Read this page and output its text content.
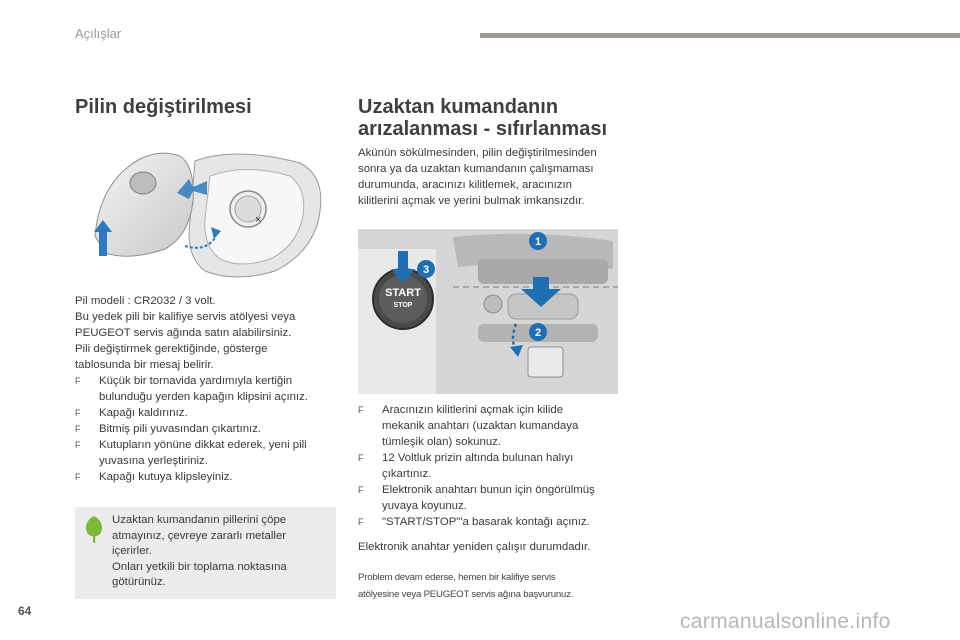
Açılışlar
Pilin değiştirilmesi
×
Pil modeli : CR2032 / 3 volt.
Bu yedek pili bir kalifiye servis atölyesi veya
PEUGEOT servis ağında satın alabilirsiniz.
Pili değiştirmek gerektiğinde, gösterge
tablosunda bir mesaj belirir.
F Küçük bir tornavida yardımıyla kertiğin
bulunduğu yerden kapağın klipsini açınız.
F Kapağı kaldırınız.
F Bitmiş pili yuvasından çıkartınız.
F Kutupların yönüne dikkat ederek, yeni pili
yuvasına yerleştiriniz.
F Kapağı kutuya klipsleyiniz.
Uzaktan kumandanın pillerini çöpe
atmayınız, çevreye zararlı metaller
içerirler.
Onları yetkili bir toplama noktasına
götürünüz.
Uzaktan kumandanın
arızalanması - sıfırlanması
Akünün sökülmesinden, pilin değiştirilmesinden
sonra ya da uzaktan kumandanın çalışmaması
durumunda, aracınızı kilitlemek, aracınızın
kilitlerini açmak ve yerini bulmak imkansızdır.
START
STOP
1
2
3
F Aracınızın kilitlerini açmak için kilide
mekanik anahtarı (uzaktan kumandaya
tümleşik olan) sokunuz.
F 12 Voltluk prizin altında bulunan halıyı
çıkartınız.
F Elektronik anahtarı bunun için öngörülmüş
yuvaya koyunuz.
F "START/STOP"'a basarak kontağı açınız.
Elektronik anahtar yeniden çalışır durumdadır.
Problem devam ederse, hemen bir kalifiye servis
atölyesine veya PEUGEOT servis ağına başvurunuz.
64	carmanualsonline.info
